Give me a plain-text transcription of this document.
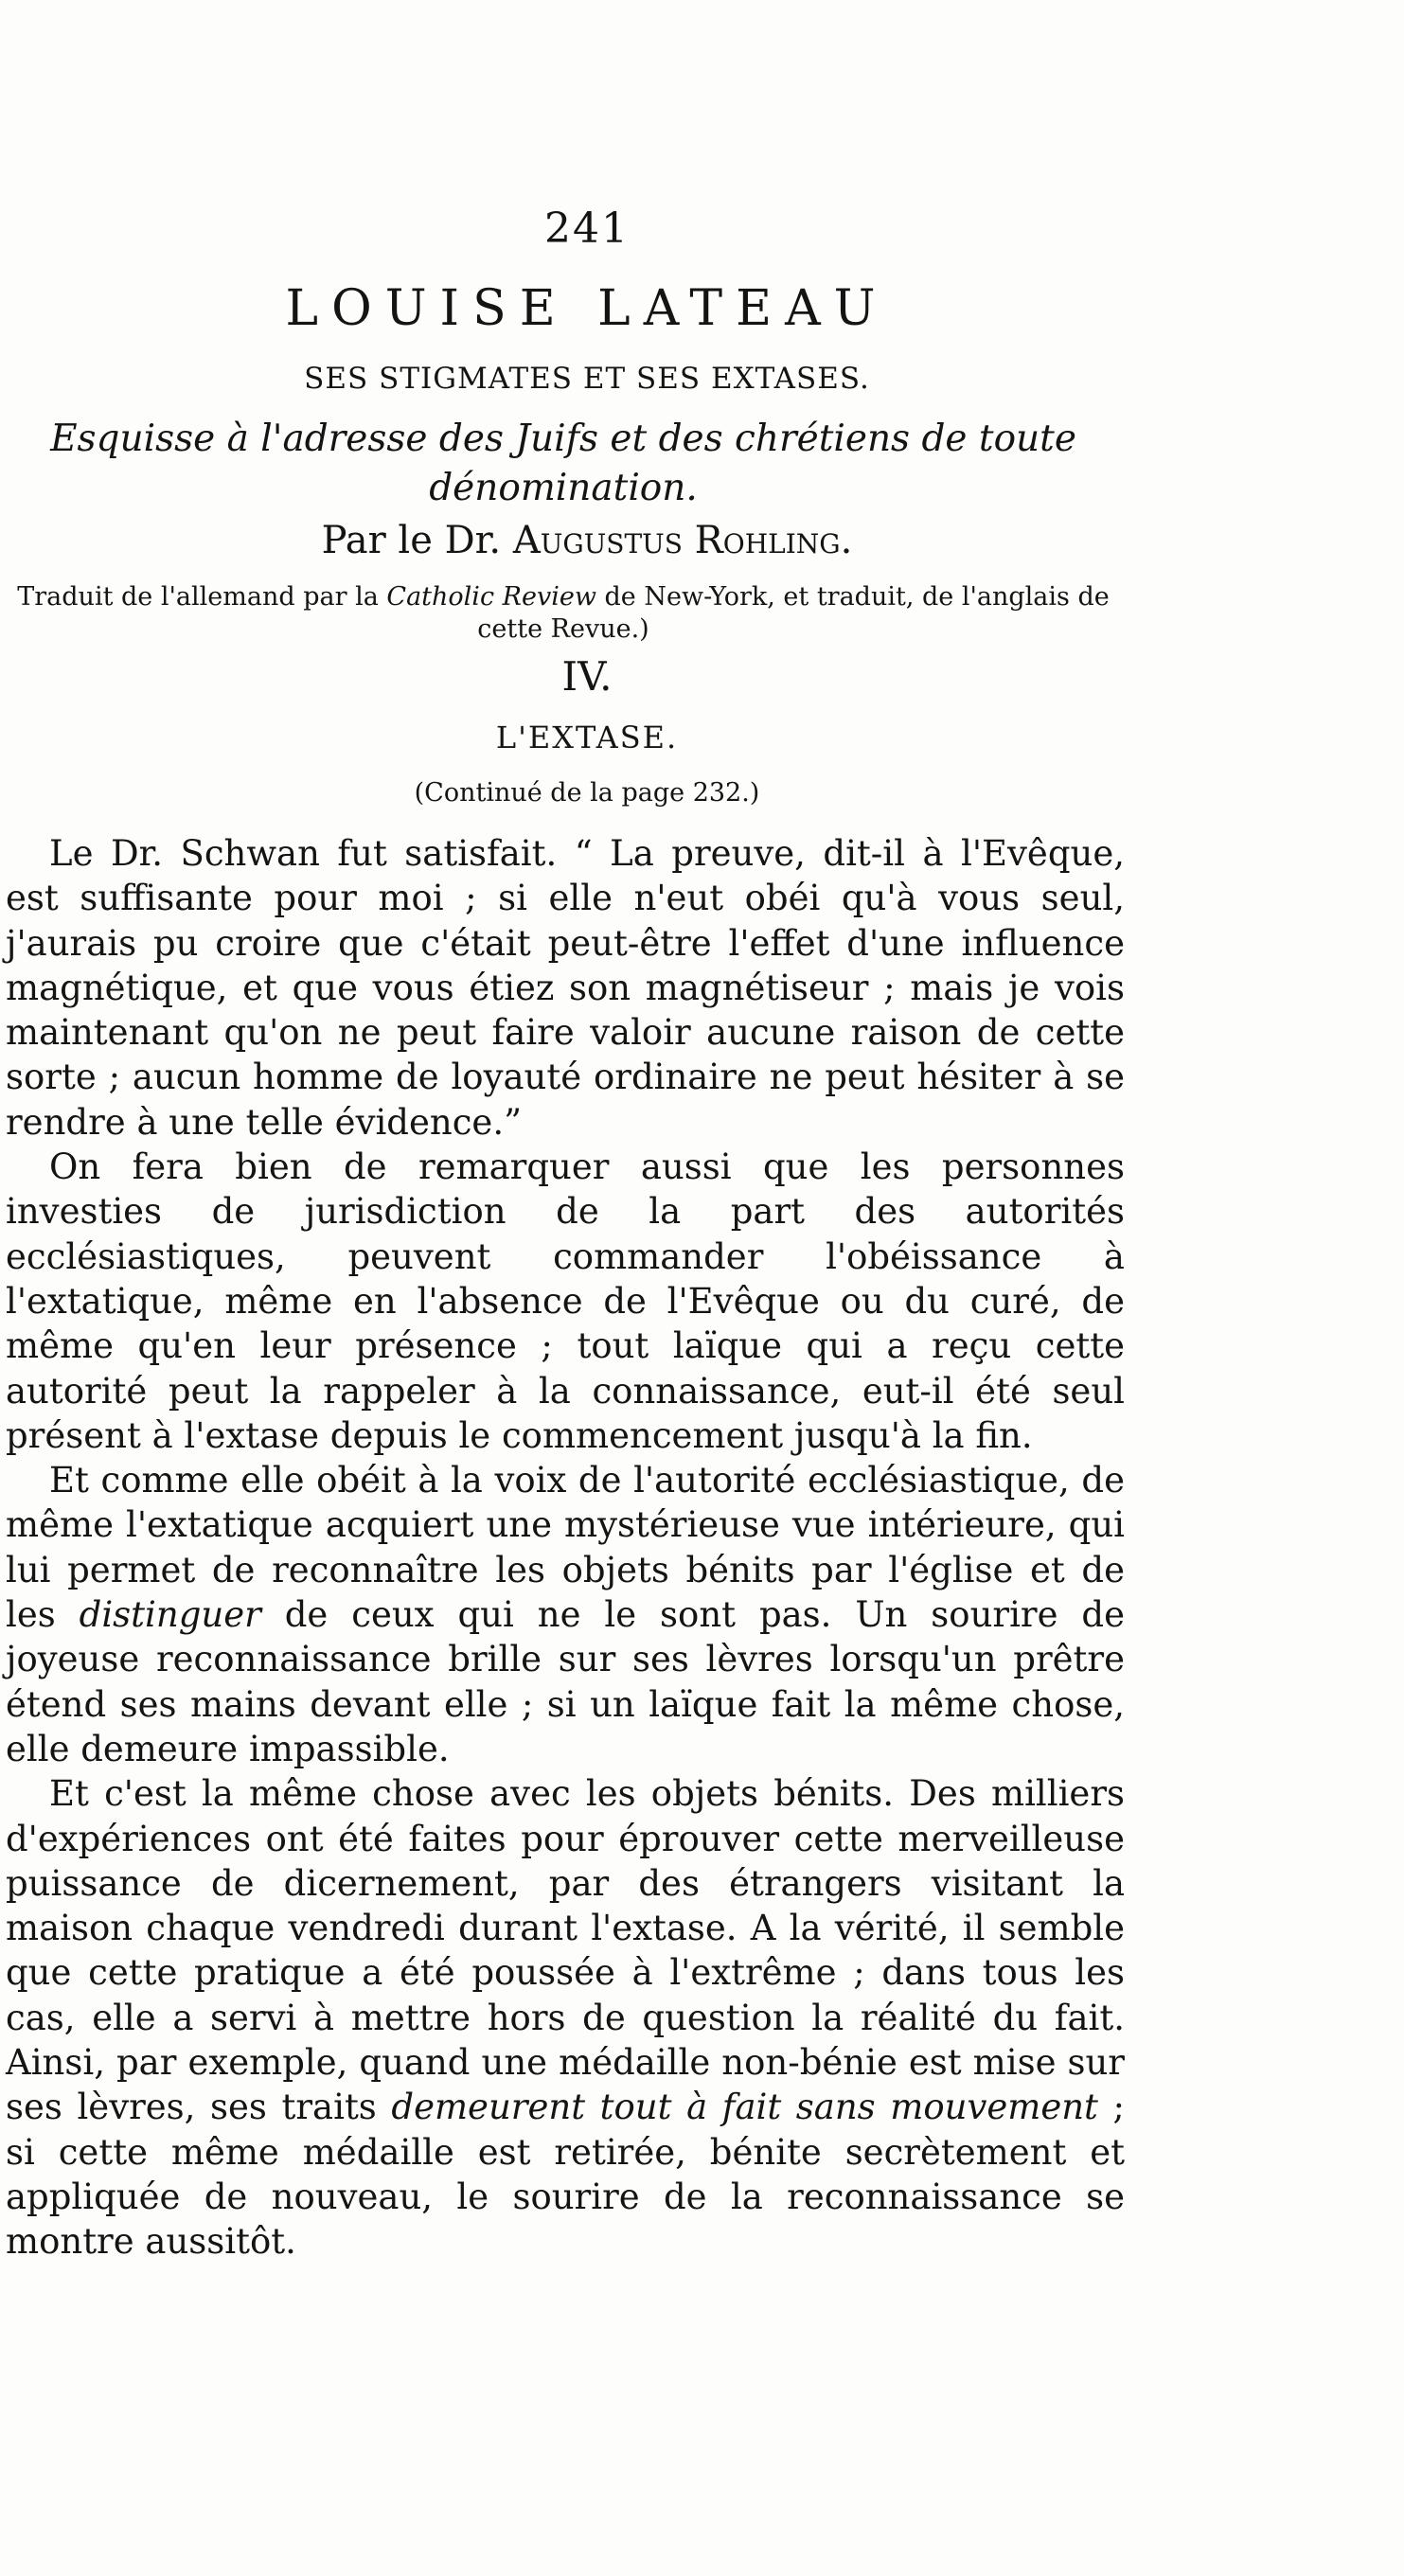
241
LOUISE LATEAU
SES STIGMATES ET SES EXTASES.
Esquisse à l'adresse des Juifs et des chrétiens de toute
dénomination.
Par le Dr. Augustus Rohling.
Traduit de l'allemand par la Catholic Review de New-York, et traduit, de l'anglais de cette Revue.)
IV.
L'EXTASE.
(Continué de la page 232.)

Le Dr. Schwan fut satisfait. “ La preuve, dit-il à l'Evêque, est suffisante pour moi ; si elle n'eut obéi qu'à vous seul, j'aurais pu croire que c'était peut-être l'effet d'une influence magnétique, et que vous étiez son magnétiseur ; mais je vois maintenant qu'on ne peut faire valoir aucune raison de cette sorte ; aucun homme de loyauté ordinaire ne peut hésiter à se rendre à une telle évidence.”

On fera bien de remarquer aussi que les personnes investies de jurisdiction de la part des autorités ecclésiastiques, peuvent commander l'obéissance à l'extatique, même en l'absence de l'Evêque ou du curé, de même qu'en leur présence ; tout laïque qui a reçu cette autorité peut la rappeler à la connaissance, eut-il été seul présent à l'extase depuis le commencement jusqu'à la fin.

Et comme elle obéit à la voix de l'autorité ecclésiastique, de même l'extatique acquiert une mystérieuse vue intérieure, qui lui permet de reconnaître les objets bénits par l'église et de les distinguer de ceux qui ne le sont pas. Un sourire de joyeuse reconnaissance brille sur ses lèvres lorsqu'un prêtre étend ses mains devant elle ; si un laïque fait la même chose, elle demeure impassible.

Et c'est la même chose avec les objets bénits. Des milliers d'expériences ont été faites pour éprouver cette merveilleuse puissance de dicernement, par des étrangers visitant la maison chaque vendredi durant l'extase. A la vérité, il semble que cette pratique a été poussée à l'extrême ; dans tous les cas, elle a servi à mettre hors de question la réalité du fait. Ainsi, par exemple, quand une médaille non-bénie est mise sur ses lèvres, ses traits demeurent tout à fait sans mouvement ; si cette même médaille est retirée, bénite secrètement et appliquée de nouveau, le sourire de la reconnaissance se montre aussitôt.
